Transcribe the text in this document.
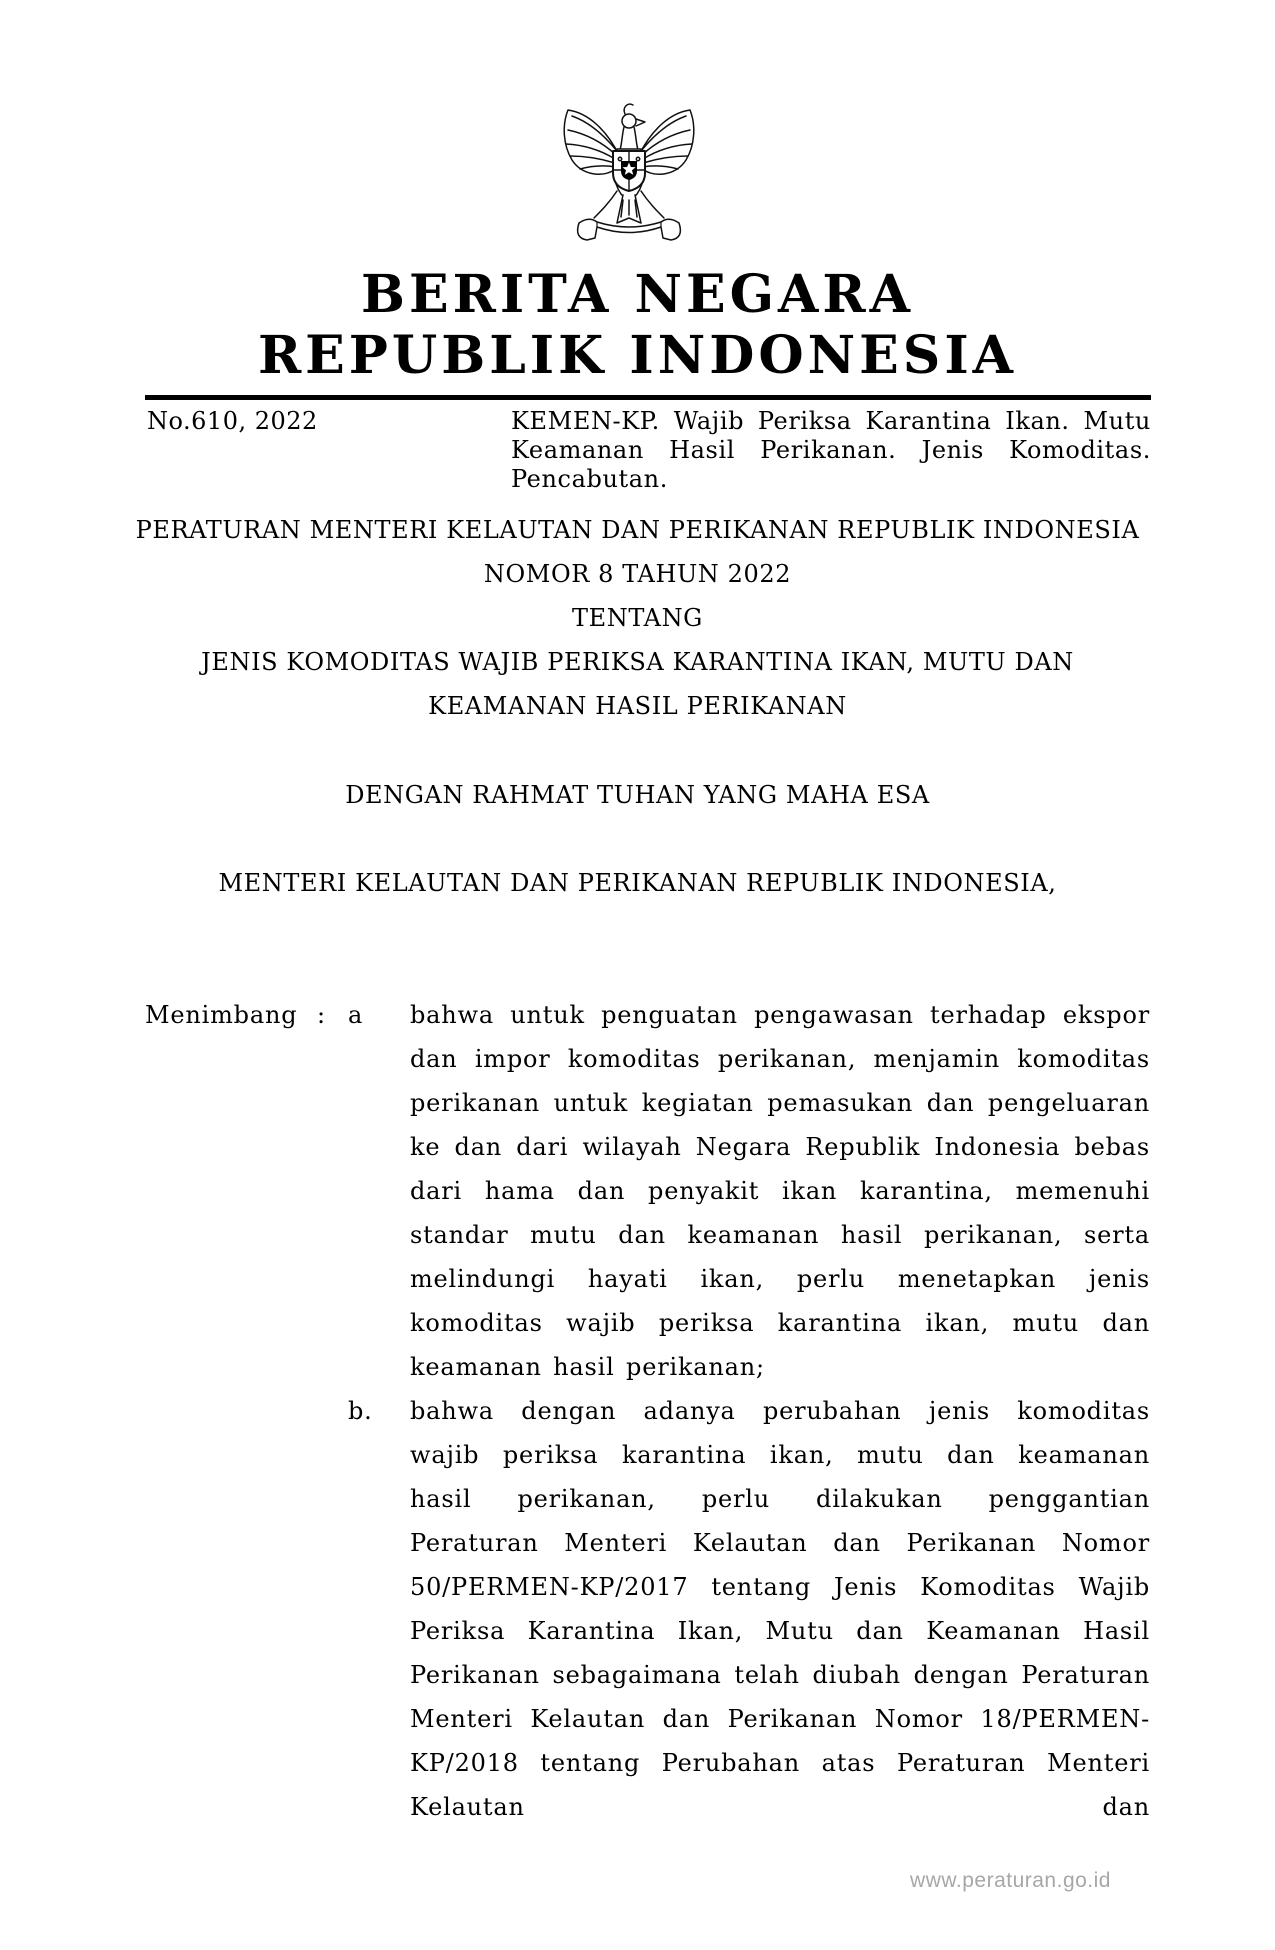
BERITA NEGARA
REPUBLIK INDONESIA
No.610, 2022	KEMEN-KP. Wajib Periksa Karantina Ikan. Mutu Keamanan Hasil Perikanan. Jenis Komoditas. Pencabutan.
PERATURAN MENTERI KELAUTAN DAN PERIKANAN REPUBLIK INDONESIA
NOMOR 8 TAHUN 2022
TENTANG
JENIS KOMODITAS WAJIB PERIKSA KARANTINA IKAN, MUTU DAN
KEAMANAN HASIL PERIKANAN
DENGAN RAHMAT TUHAN YANG MAHA ESA
MENTERI KELAUTAN DAN PERIKANAN REPUBLIK INDONESIA,
Menimbang : a bahwa untuk penguatan pengawasan terhadap ekspor dan impor komoditas perikanan, menjamin komoditas perikanan untuk kegiatan pemasukan dan pengeluaran ke dan dari wilayah Negara Republik Indonesia bebas dari hama dan penyakit ikan karantina, memenuhi standar mutu dan keamanan hasil perikanan, serta melindungi hayati ikan, perlu menetapkan jenis komoditas wajib periksa karantina ikan, mutu dan keamanan hasil perikanan;

b. bahwa dengan adanya perubahan jenis komoditas wajib periksa karantina ikan, mutu dan keamanan hasil perikanan, perlu dilakukan penggantian Peraturan Menteri Kelautan dan Perikanan Nomor 50/PERMEN-KP/2017 tentang Jenis Komoditas Wajib Periksa Karantina Ikan, Mutu dan Keamanan Hasil Perikanan sebagaimana telah diubah dengan Peraturan Menteri Kelautan dan Perikanan Nomor 18/PERMEN-KP/2018 tentang Perubahan atas Peraturan Menteri Kelautan dan

www.peraturan.go.id
